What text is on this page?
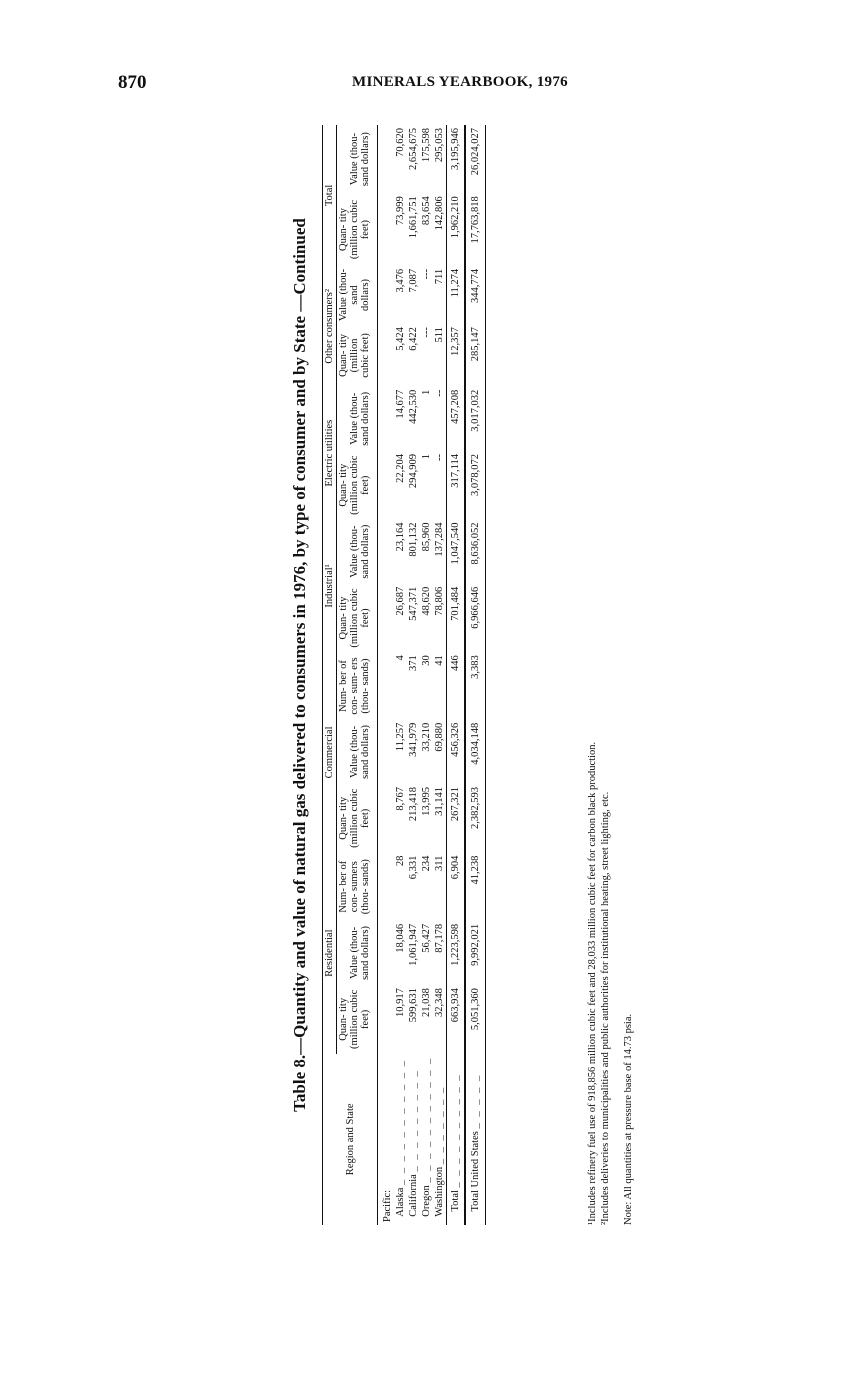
870	MINERALS YEARBOOK, 1976
Table 8.—Quantity and value of natural gas delivered to consumers in 1976, by type of consumer and by State —Continued
Region and State	Residential			Commercial			Industrial¹		Electric utilities		Other consumers²		Total	
	Quan- tity (million cubic feet)	Value (thou- sand dollars)	Num- ber of con- sumers (thou- sands)	Quan- tity (million cubic feet)	Value (thou- sand dollars)	Num- ber of con- sum- ers (thou- sands)	Quan- tity (million cubic feet)	Value (thou- sand dollars)	Quan- tity (million cubic feet)	Value (thou- sand dollars)	Quan- tity (million cubic feet)	Value (thou- sand dollars)	Quan- tity (million cubic feet)	Value (thou- sand dollars)
Pacific:														
Alaska _ _ _ _ _ _ _ _ _ _ _	10,917	18,046	28	8,767	11,257	4	26,687	23,164	22,204	14,677	5,424	3,476	73,999	70,620
California _ _ _ _ _ _ _ _ _	599,631	1,061,947	6,331	213,418	341,979	371	547,371	801,132	294,909	442,530	6,422	7,087	1,661,751	2,654,675
Oregon _ _ _ _ _ _ _ _ _ _ _	21,038	56,427	234	13,995	33,210	30	48,620	85,960	1	1	---	---	83,654	175,598
Washington _ _ _ _ _ _ _	32,348	87,178	311	31,141	69,880	41	78,806	137,284	--	--	511	711	142,806	295,053
Total _ _ _ _ _ _ _ _ _ _	663,934	1,223,598	6,904	267,321	456,326	446	701,484	1,047,540	317,114	457,208	12,357	11,274	1,962,210	3,195,946
Total United States _ _ _ _ _	5,051,360	9,992,021	41,238	2,382,593	4,034,148	3,383	6,966,646	8,636,052	3,078,072	3,017,032	285,147	344,774	17,763,818	26,024,027

¹Includes refinery fuel use of 918,856 million cubic feet and 28,033 million cubic feet for carbon black production. ²Includes deliveries to municipalities and public authorities for institutional heating, street lighting, etc. Note: All quantities at pressure base of 14.73 psia.
